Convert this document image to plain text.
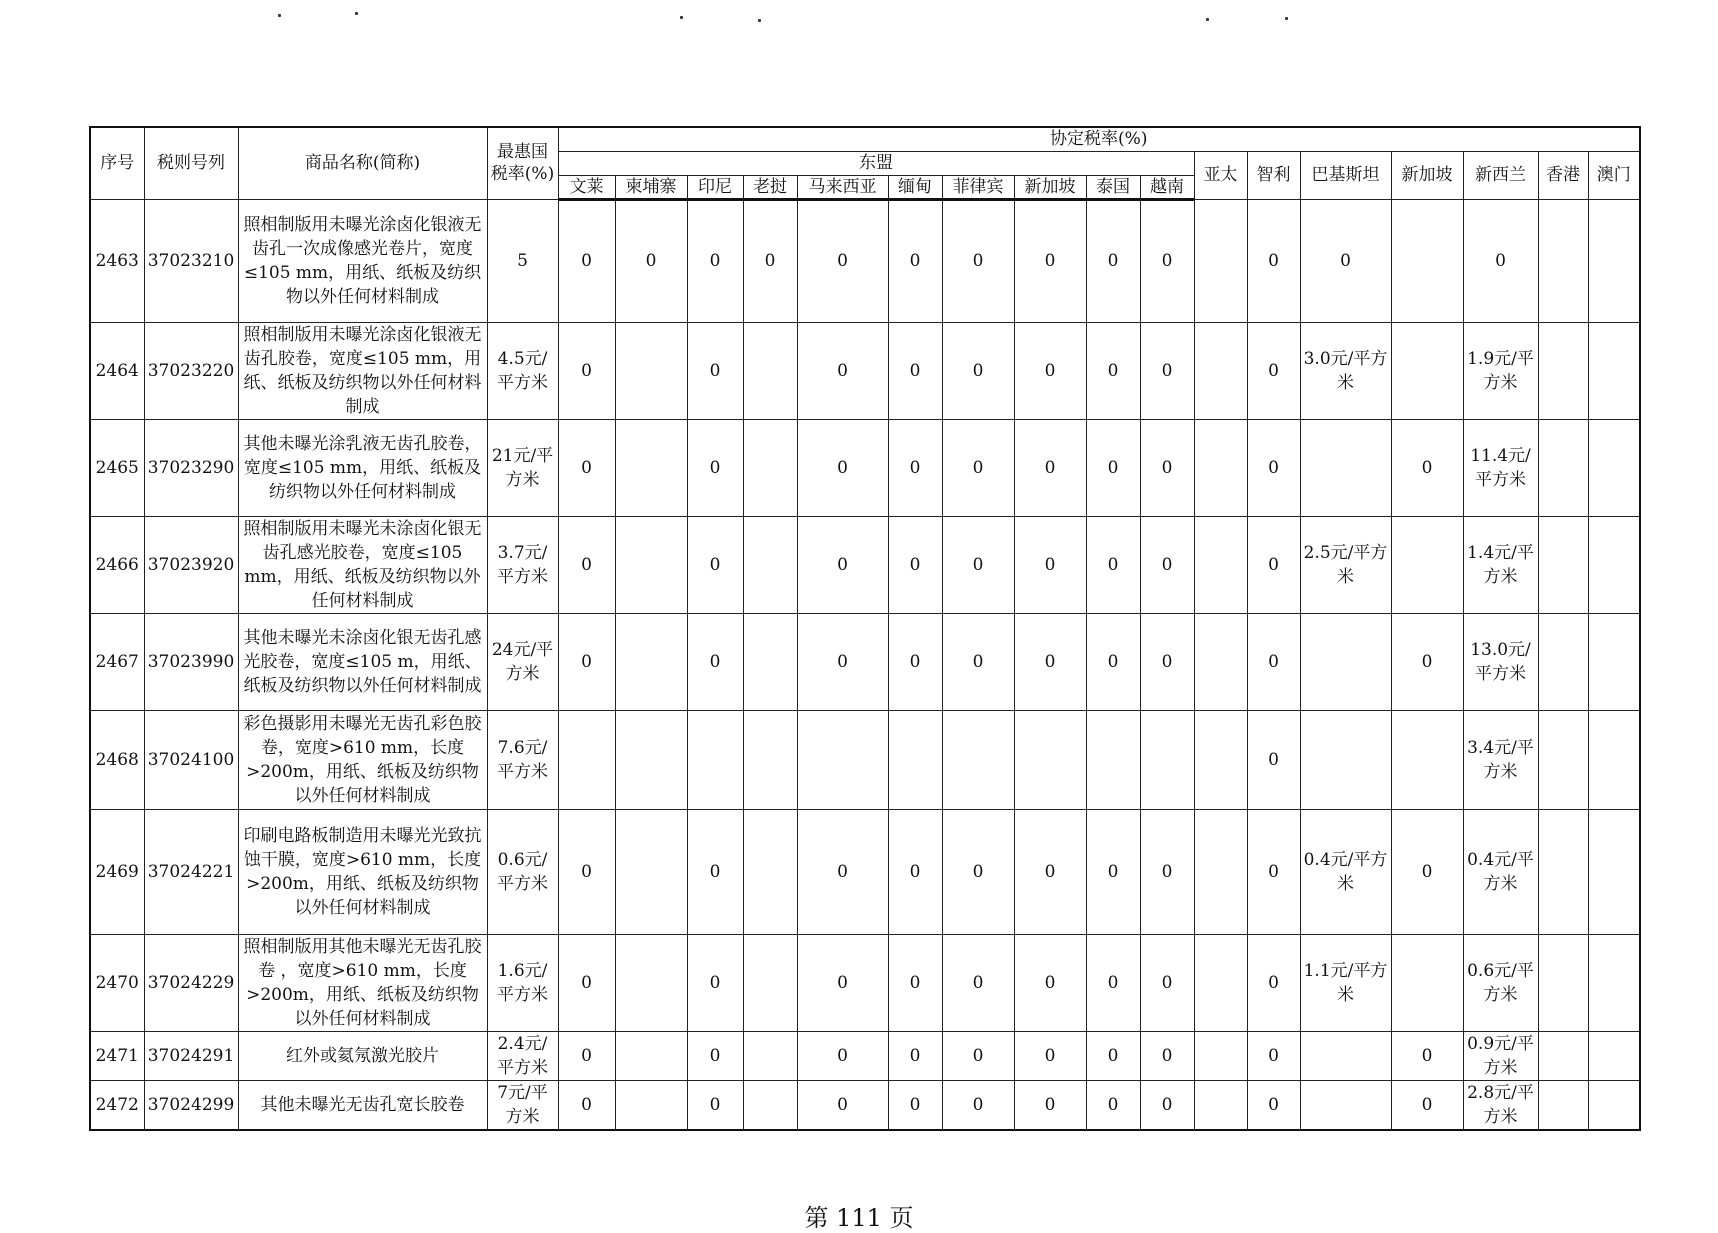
序号	税则号列	商品名称(简称)	最惠国税率(%)	协定税率(%)																
				东盟										亚太	智利	巴基斯坦	新加坡	新西兰	香港	澳门
				文莱	柬埔寨	印尼	老挝	马来西亚	缅甸	菲律宾	新加坡	泰国	越南							
2463	37023210	照相制版用未曝光涂卤化银液无齿孔一次成像感光卷片，宽度≤105 mm，用纸、纸板及纺织物以外任何材料制成	5	0	0	0	0	0	0	0	0	0	0		0	0		0		
2464	37023220	照相制版用未曝光涂卤化银液无齿孔胶卷，宽度≤105 mm，用纸、纸板及纺织物以外任何材料制成	4.5元/平方米	0		0		0	0	0	0	0	0		0	3.0元/平方米		1.9元/平方米		
2465	37023290	其他未曝光涂乳液无齿孔胶卷，宽度≤105 mm，用纸、纸板及纺织物以外任何材料制成	21元/平方米	0		0		0	0	0	0	0	0		0		0	11.4元/平方米		
2466	37023920	照相制版用未曝光未涂卤化银无齿孔感光胶卷，宽度≤105 mm，用纸、纸板及纺织物以外任何材料制成	3.7元/平方米	0		0		0	0	0	0	0	0		0	2.5元/平方米		1.4元/平方米		
2467	37023990	其他未曝光未涂卤化银无齿孔感光胶卷，宽度≤105 m，用纸、纸板及纺织物以外任何材料制成	24元/平方米	0		0		0	0	0	0	0	0		0		0	13.0元/平方米		
2468	37024100	彩色摄影用未曝光无齿孔彩色胶卷，宽度>610 mm，长度>200m，用纸、纸板及纺织物以外任何材料制成	7.6元/平方米												0			3.4元/平方米		
2469	37024221	印刷电路板制造用未曝光光致抗蚀干膜，宽度>610 mm，长度>200m，用纸、纸板及纺织物以外任何材料制成	0.6元/平方米	0		0		0	0	0	0	0	0		0	0.4元/平方米	0	0.4元/平方米		
2470	37024229	照相制版用其他未曝光无齿孔胶卷 ，宽度>610 mm，长度>200m，用纸、纸板及纺织物以外任何材料制成	1.6元/平方米	0		0		0	0	0	0	0	0		0	1.1元/平方米		0.6元/平方米		
2471	37024291	红外或氦氖激光胶片	2.4元/平方米	0		0		0	0	0	0	0	0		0		0	0.9元/平方米		
2472	37024299	其他未曝光无齿孔宽长胶卷	7元/平方米	0		0		0	0	0	0	0	0		0		0	2.8元/平方米		
第 111 页
